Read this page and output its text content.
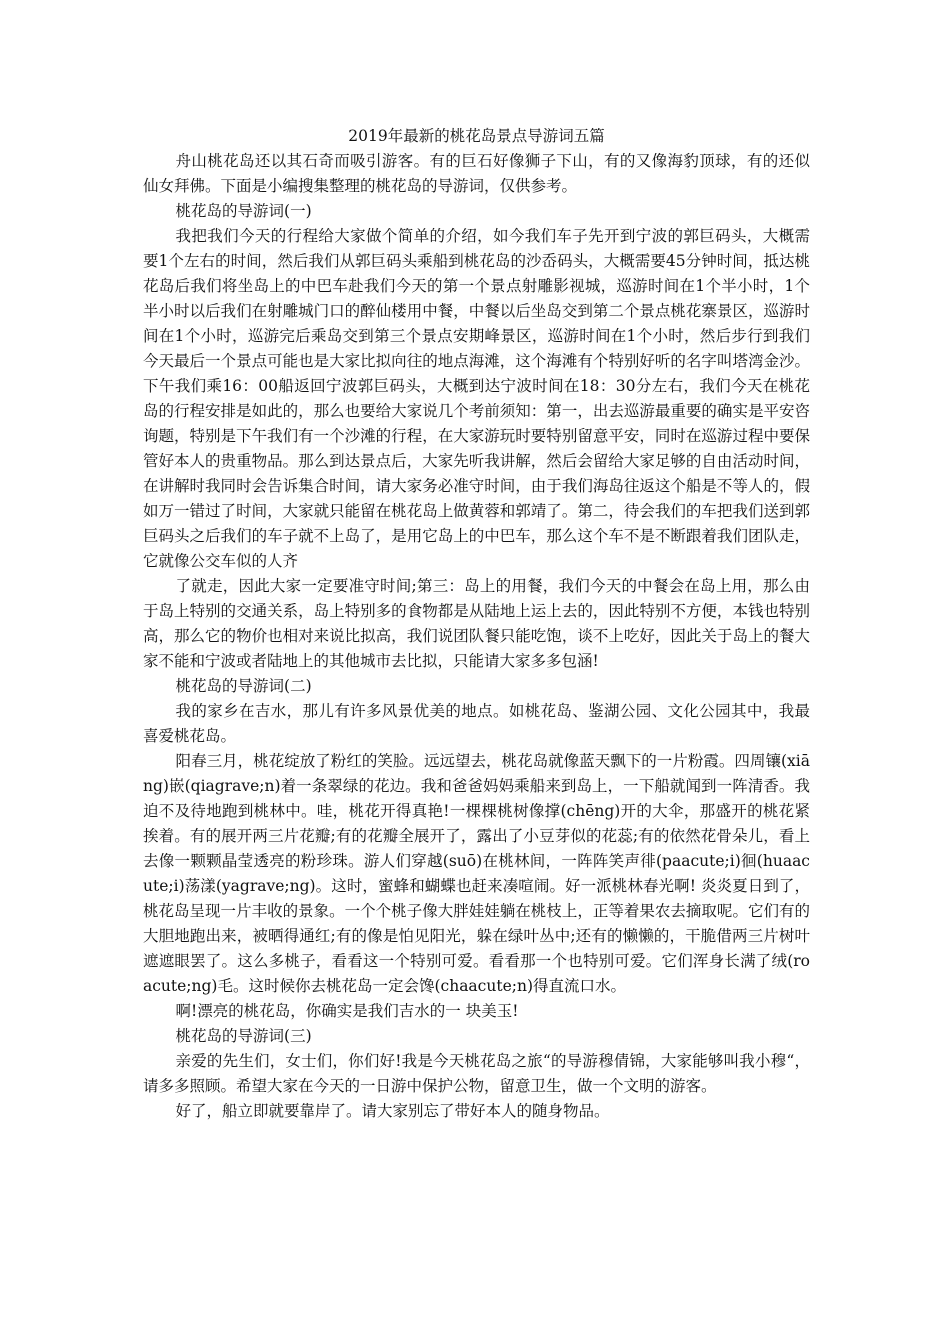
2019年最新的桃花岛景点导游词五篇

舟山桃花岛还以其石奇而吸引游客。有的巨石好像狮子下山，有的又像海豹顶球，有的还似仙女拜佛。下面是小编搜集整理的桃花岛的导游词，仅供参考。

桃花岛的导游词(一)

我把我们今天的行程给大家做个简单的介绍，如今我们车子先开到宁波的郭巨码头，大概需要1个左右的时间，然后我们从郭巨码头乘船到桃花岛的沙岙码头，大概需要45分钟时间，抵达桃花岛后我们将坐岛上的中巴车赴我们今天的第一个景点射雕影视城，巡游时间在1个半小时，1个半小时以后我们在射雕城门口的醉仙楼用中餐，中餐以后坐岛交到第二个景点桃花寨景区，巡游时间在1个小时，巡游完后乘岛交到第三个景点安期峰景区，巡游时间在1个小时，然后步行到我们今天最后一个景点可能也是大家比拟向往的地点海滩，这个海滩有个特别好听的名字叫塔湾金沙。下午我们乘16：00船返回宁波郭巨码头，大概到达宁波时间在18：30分左右，我们今天在桃花岛的行程安排是如此的，那么也要给大家说几个考前须知：第一，出去巡游最重要的确实是平安咨询题，特别是下午我们有一个沙滩的行程，在大家游玩时要特别留意平安，同时在巡游过程中要保管好本人的贵重物品。那么到达景点后，大家先听我讲解，然后会留给大家足够的自由活动时间，在讲解时我同时会告诉集合时间，请大家务必准守时间，由于我们海岛往返这个船是不等人的，假如万一错过了时间，大家就只能留在桃花岛上做黄蓉和郭靖了。第二，待会我们的车把我们送到郭巨码头之后我们的车子就不上岛了，是用它岛上的中巴车，那么这个车不是不断跟着我们团队走，它就像公交车似的人齐

了就走，因此大家一定要准守时间;第三：岛上的用餐，我们今天的中餐会在岛上用，那么由于岛上特别的交通关系，岛上特别多的食物都是从陆地上运上去的，因此特别不方便，本钱也特别高，那么它的物价也相对来说比拟高，我们说团队餐只能吃饱，谈不上吃好，因此关于岛上的餐大家不能和宁波或者陆地上的其他城市去比拟，只能请大家多多包涵!

桃花岛的导游词(二)

我的家乡在吉水，那儿有许多风景优美的地点。如桃花岛、鉴湖公园、文化公园其中，我最喜爱桃花岛。

阳春三月，桃花绽放了粉红的笑脸。远远望去，桃花岛就像蓝天飘下的一片粉霞。四周镶(xiāng)嵌(qiagrave;n)着一条翠绿的花边。我和爸爸妈妈乘船来到岛上，一下船就闻到一阵清香。我迫不及待地跑到桃林中。哇，桃花开得真艳!一棵棵桃树像撑(chēng)开的大伞，那盛开的桃花紧挨着。有的展开两三片花瓣;有的花瓣全展开了，露出了小豆芽似的花蕊;有的依然花骨朵儿，看上去像一颗颗晶莹透亮的粉珍珠。游人们穿越(suō)在桃林间，一阵阵笑声徘(paacute;i)徊(huaacute;i)荡漾(yagrave;ng)。这时，蜜蜂和蝴蝶也赶来凑喧闹。好一派桃林春光啊! 炎炎夏日到了，桃花岛呈现一片丰收的景象。一个个桃子像大胖娃娃躺在桃枝上，正等着果农去摘取呢。它们有的大胆地跑出来，被晒得通红;有的像是怕见阳光，躲在绿叶丛中;还有的懒懒的，干脆借两三片树叶遮遮眼罢了。这么多桃子，看看这一个特别可爱。看看那一个也特别可爱。它们浑身长满了绒(roacute;ng)毛。这时候你去桃花岛一定会馋(chaacute;n)得直流口水。

啊!漂亮的桃花岛，你确实是我们吉水的一 块美玉!

桃花岛的导游词(三)

亲爱的先生们，女士们，你们好!我是今天桃花岛之旅“的导游穆倩锦，大家能够叫我小穆“，请多多照顾。希望大家在今天的一日游中保护公物，留意卫生，做一个文明的游客。

好了，船立即就要靠岸了。请大家别忘了带好本人的随身物品。
